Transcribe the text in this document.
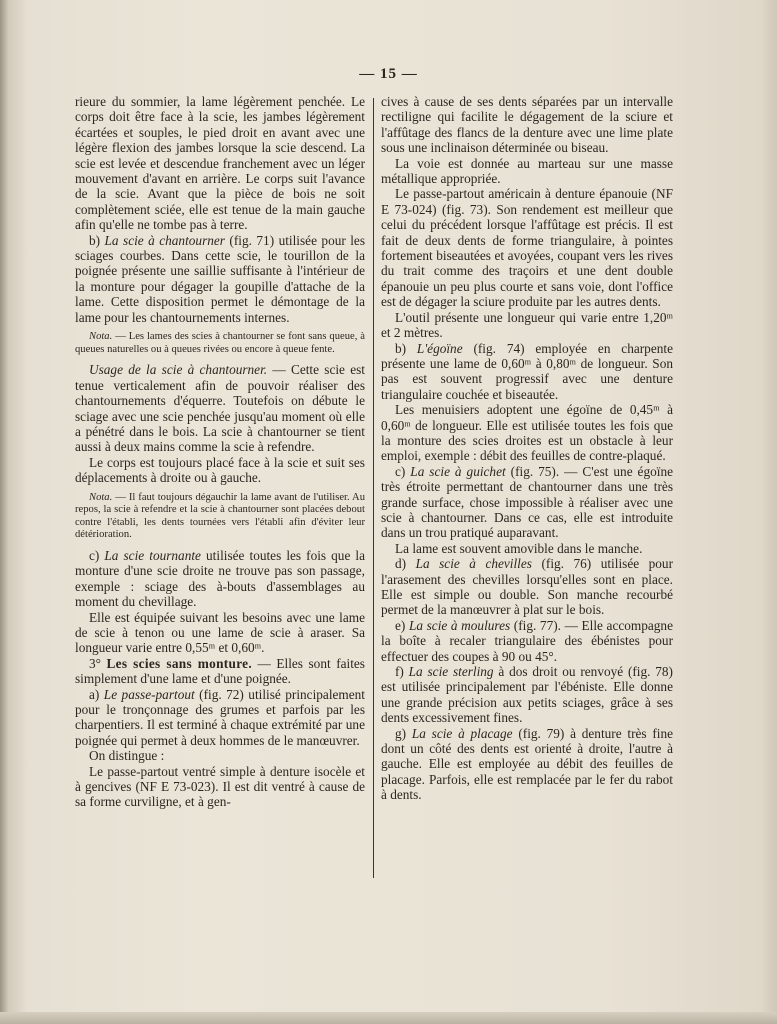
— 15 —

rieure du sommier, la lame légèrement penchée. Le corps doit être face à la scie, les jambes légèrement écartées et souples, le pied droit en avant avec une légère flexion des jambes lorsque la scie descend. La scie est levée et descendue franchement avec un léger mouvement d'avant en arrière. Le corps suit l'avance de la scie. Avant que la pièce de bois ne soit complètement sciée, elle est tenue de la main gauche afin qu'elle ne tombe pas à terre.

b) La scie à chantourner (fig. 71) utilisée pour les sciages courbes. Dans cette scie, le tourillon de la poignée présente une saillie suffisante à l'intérieur de la monture pour dégager la goupille d'attache de la lame. Cette disposition permet le démontage de la lame pour les chantournements internes.

Nota. — Les lames des scies à chantourner se font sans queue, à queues naturelles ou à queues rivées ou encore à queue fente.

Usage de la scie à chantourner. — Cette scie est tenue verticalement afin de pouvoir réaliser des chantournements d'équerre. Toutefois on débute le sciage avec une scie penchée jusqu'au moment où elle a pénétré dans le bois. La scie à chantourner se tient aussi à deux mains comme la scie à refendre.

Le corps est toujours placé face à la scie et suit ses déplacements à droite ou à gauche.

Nota. — Il faut toujours dégauchir la lame avant de l'utiliser. Au repos, la scie à refendre et la scie à chantourner sont placées debout contre l'établi, les dents tournées vers l'établi afin d'éviter leur détérioration.

c) La scie tournante utilisée toutes les fois que la monture d'une scie droite ne trouve pas son passage, exemple : sciage des à-bouts d'assemblages au moment du chevillage.

Elle est équipée suivant les besoins avec une lame de scie à tenon ou une lame de scie à araser. Sa longueur varie entre 0,55ᵐ et 0,60ᵐ.

3° Les scies sans monture. — Elles sont faites simplement d'une lame et d'une poignée.

a) Le passe-partout (fig. 72) utilisé principalement pour le tronçonnage des grumes et parfois par les charpentiers. Il est terminé à chaque extrémité par une poignée qui permet à deux hommes de le manœuvrer.

On distingue :

Le passe-partout ventré simple à denture isocèle et à gencives (NF E 73-023). Il est dit ventré à cause de sa forme curviligne, et à gen-

cives à cause de ses dents séparées par un intervalle rectiligne qui facilite le dégagement de la sciure et l'affûtage des flancs de la denture avec une lime plate sous une inclinaison déterminée ou biseau.

La voie est donnée au marteau sur une masse métallique appropriée.

Le passe-partout américain à denture épanouie (NF E 73-024) (fig. 73). Son rendement est meilleur que celui du précédent lorsque l'affûtage est précis. Il est fait de deux dents de forme triangulaire, à pointes fortement biseautées et avoyées, coupant vers les rives du trait comme des traçoirs et une dent double épanouie un peu plus courte et sans voie, dont l'office est de dégager la sciure produite par les autres dents.

L'outil présente une longueur qui varie entre 1,20ᵐ et 2 mètres.

b) L'égoïne (fig. 74) employée en charpente présente une lame de 0,60ᵐ à 0,80ᵐ de longueur. Son pas est souvent progressif avec une denture triangulaire couchée et biseautée.

Les menuisiers adoptent une égoïne de 0,45ᵐ à 0,60ᵐ de longueur. Elle est utilisée toutes les fois que la monture des scies droites est un obstacle à leur emploi, exemple : débit des feuilles de contre-plaqué.

c) La scie à guichet (fig. 75). — C'est une égoïne très étroite permettant de chantourner dans une très grande surface, chose impossible à réaliser avec une scie à chantourner. Dans ce cas, elle est introduite dans un trou pratiqué auparavant.

La lame est souvent amovible dans le manche.

d) La scie à chevilles (fig. 76) utilisée pour l'arasement des chevilles lorsqu'elles sont en place. Elle est simple ou double. Son manche recourbé permet de la manœuvrer à plat sur le bois.

e) La scie à moulures (fig. 77). — Elle accompagne la boîte à recaler triangulaire des ébénistes pour effectuer des coupes à 90 ou 45°.

f) La scie sterling à dos droit ou renvoyé (fig. 78) est utilisée principalement par l'ébéniste. Elle donne une grande précision aux petits sciages, grâce à ses dents excessivement fines.

g) La scie à placage (fig. 79) à denture très fine dont un côté des dents est orienté à droite, l'autre à gauche. Elle est employée au débit des feuilles de placage. Parfois, elle est remplacée par le fer du rabot à dents.
